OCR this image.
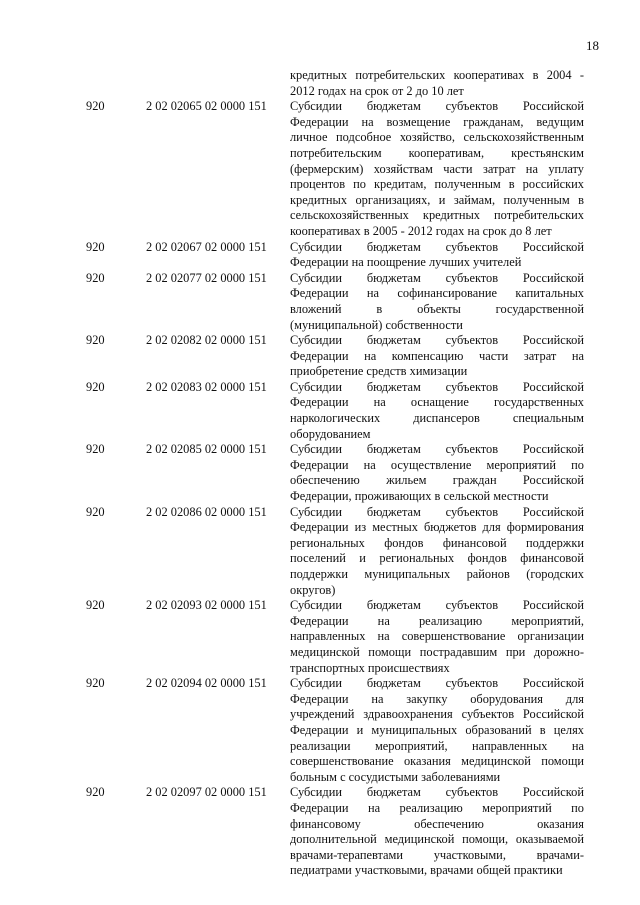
18
кредитных потребительских кооперативах в 2004 -
2012 годах на срок от 2 до 10 лет
920	2 02 02065 02 0000 151 Субсидии бюджетам субъектов Российской
Федерации на возмещение гражданам, ведущим
личное подсобное хозяйство, сельскохозяйственным
потребительским кооперативам, крестьянским
(фермерским) хозяйствам части затрат на уплату
процентов по кредитам, полученным в российских
кредитных организациях, и займам, полученным в
сельскохозяйственных кредитных потребительских
кооперативах в 2005 - 2012 годах на срок до 8 лет
920	2 02 02067 02 0000 151 Субсидии бюджетам субъектов Российской
Федерации на поощрение лучших учителей
920	2 02 02077 02 0000 151 Субсидии бюджетам субъектов Российской
Федерации на софинансирование капитальных
вложений в объекты государственной
(муниципальной) собственности
920	2 02 02082 02 0000 151 Субсидии бюджетам субъектов Российской
Федерации на компенсацию части затрат на
приобретение средств химизации
920	2 02 02083 02 0000 151 Субсидии бюджетам субъектов Российской
Федерации на оснащение государственных
наркологических диспансеров специальным
оборудованием
920	2 02 02085 02 0000 151 Субсидии бюджетам субъектов Российской
Федерации на осуществление мероприятий по
обеспечению жильем граждан Российской
Федерации, проживающих в сельской местности
920	2 02 02086 02 0000 151 Субсидии бюджетам субъектов Российской
Федерации из местных бюджетов для формирования
региональных фондов финансовой поддержки
поселений и региональных фондов финансовой
поддержки муниципальных районов (городских
округов)
920	2 02 02093 02 0000 151 Субсидии бюджетам субъектов Российской
Федерации на реализацию мероприятий,
направленных на совершенствование организации
медицинской помощи пострадавшим при дорожно-
транспортных происшествиях
920	2 02 02094 02 0000 151 Субсидии бюджетам субъектов Российской
Федерации на закупку оборудования для
учреждений здравоохранения субъектов Российской
Федерации и муниципальных образований в целях
реализации мероприятий, направленных на
совершенствование оказания медицинской помощи
больным с сосудистыми заболеваниями
920	2 02 02097 02 0000 151 Субсидии бюджетам субъектов Российской
Федерации на реализацию мероприятий по
финансовому обеспечению оказания
дополнительной медицинской помощи, оказываемой
врачами-терапевтами участковыми, врачами-
педиатрами участковыми, врачами общей практики
